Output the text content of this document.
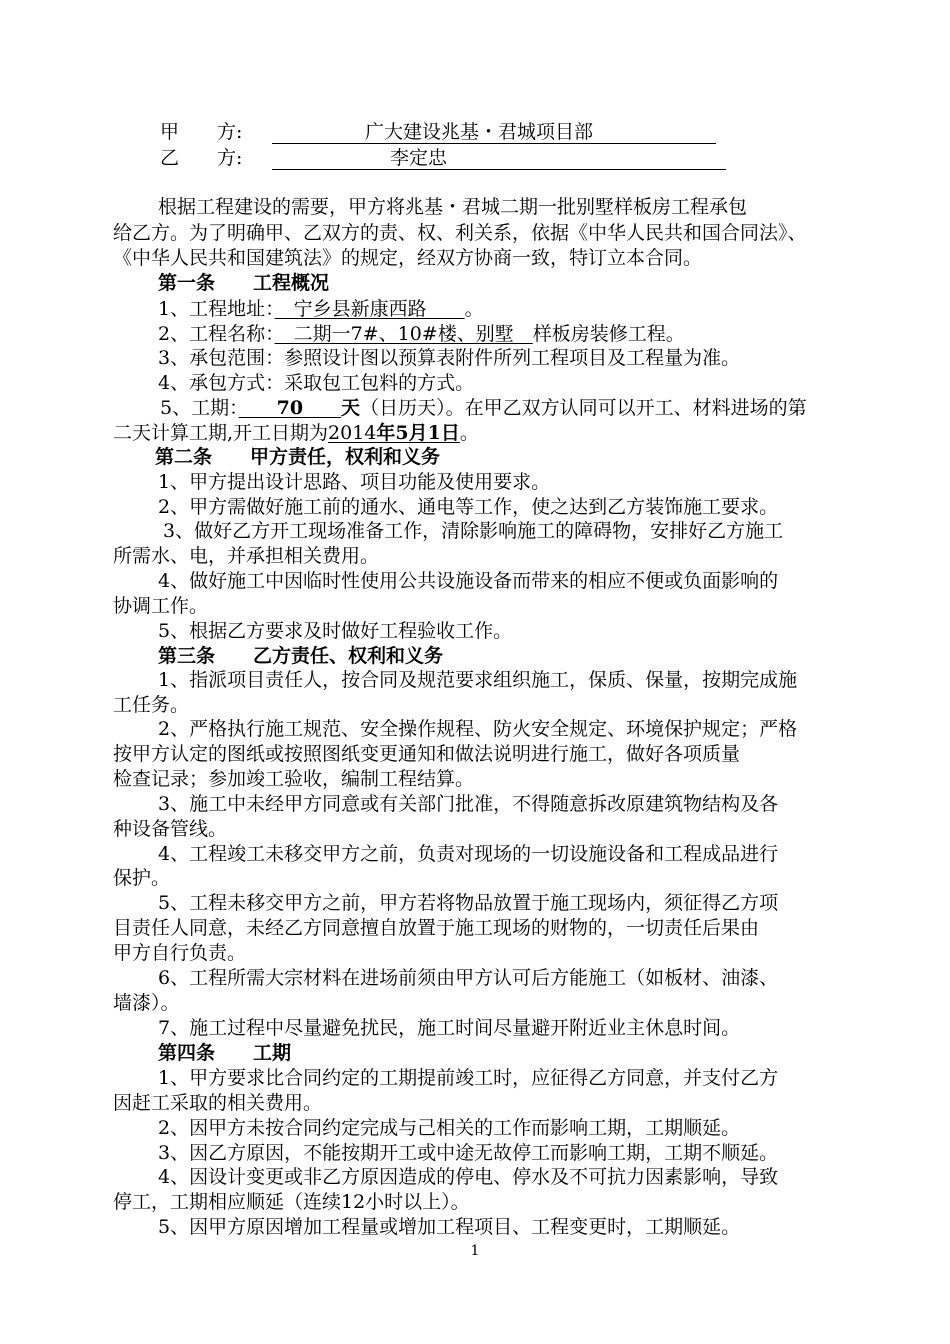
甲　　方:	广大建设兆基・君城项目部
乙　　方:	李定忠
根据工程建设的需要，甲方将兆基・君城二期一批别墅样板房工程承包
给乙方。为了明确甲、乙双方的责、权、利关系，依据《中华人民共和国合同法》、
《中华人民共和国建筑法》的规定，经双方协商一致，特订立本合同。
第一条　　工程概况
1、工程地址：　宁乡县新康西路　　。
2、工程名称：　二期一7#、10#楼、别墅　样板房装修工程。
3、承包范围：参照设计图以预算表附件所列工程项目及工程量为准。
4、承包方式：采取包工包料的方式。
5、工期：　　70　　天（日历天）。在甲乙双方认同可以开工、材料进场的第
二天计算工期,开工日期为2014年5月1日。
第二条　　甲方责任，权利和义务
1、甲方提出设计思路、项目功能及使用要求。
2、甲方需做好施工前的通水、通电等工作，使之达到乙方装饰施工要求。
3、做好乙方开工现场准备工作，清除影响施工的障碍物，安排好乙方施工
所需水、电，并承担相关费用。
4、做好施工中因临时性使用公共设施设备而带来的相应不便或负面影响的
协调工作。
5、根据乙方要求及时做好工程验收工作。
第三条　　乙方责任、权利和义务
1、指派项目责任人，按合同及规范要求组织施工，保质、保量，按期完成施
工任务。
2、严格执行施工规范、安全操作规程、防火安全规定、环境保护规定；严格
按甲方认定的图纸或按照图纸变更通知和做法说明进行施工，做好各项质量
检查记录；参加竣工验收，编制工程结算。
3、施工中未经甲方同意或有关部门批准，不得随意拆改原建筑物结构及各
种设备管线。
4、工程竣工未移交甲方之前，负责对现场的一切设施设备和工程成品进行
保护。
5、工程未移交甲方之前，甲方若将物品放置于施工现场内，须征得乙方项
目责任人同意，未经乙方同意擅自放置于施工现场的财物的，一切责任后果由
甲方自行负责。
6、工程所需大宗材料在进场前须由甲方认可后方能施工（如板材、油漆、
墙漆）。
7、施工过程中尽量避免扰民，施工时间尽量避开附近业主休息时间。
第四条　　工期
1、甲方要求比合同约定的工期提前竣工时，应征得乙方同意，并支付乙方
因赶工采取的相关费用。
2、因甲方未按合同约定完成与己相关的工作而影响工期，工期顺延。
3、因乙方原因，不能按期开工或中途无故停工而影响工期，工期不顺延。
4、因设计变更或非乙方原因造成的停电、停水及不可抗力因素影响，导致
停工，工期相应顺延（连续12小时以上）。
5、因甲方原因增加工程量或增加工程项目、工程变更时，工期顺延。
1
